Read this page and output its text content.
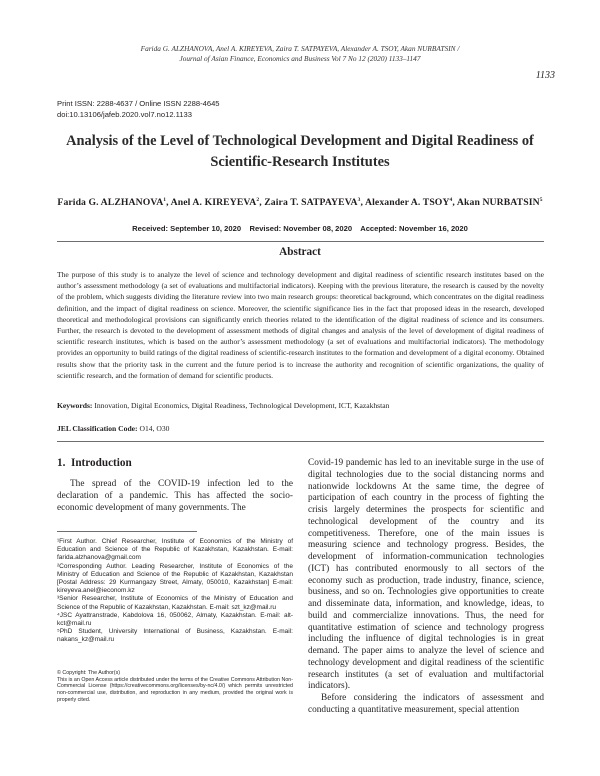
Farida G. ALZHANOVA, Anel A. KIREYEVA, Zaira T. SATPAYEVA, Alexander A. TSOY, Akan NURBATSIN /
Journal of Asian Finance, Economics and Business Vol 7 No 12 (2020) 1133–1147
1133
Print ISSN: 2288-4637 / Online ISSN 2288-4645
doi:10.13106/jafeb.2020.vol7.no12.1133
Analysis of the Level of Technological Development and Digital Readiness of Scientific-Research Institutes
Farida G. ALZHANOVA$^1$, Anel A. KIREYEVA$^2$, Zaira T. SATPAYEVA$^3$, Alexander A. TSOY$^4$, Akan NURBATSIN$^5$
Received: September 10, 2020    Revised: November 08, 2020    Accepted: November 16, 2020
Abstract
The purpose of this study is to analyze the level of science and technology development and digital readiness of scientific research institutes based on the author’s assessment methodology (a set of evaluations and multifactorial indicators). Keeping with the previous literature, the research is caused by the novelty of the problem, which suggests dividing the literature review into two main research groups: theoretical background, which concentrates on the digital readiness definition, and the impact of digital readiness on science. Moreover, the scientific significance lies in the fact that proposed ideas in the research, developed theoretical and methodological provisions can significantly enrich theories related to the identification of the digital readiness of science and its consumers. Further, the research is devoted to the development of assessment methods of digital changes and analysis of the level of development of digital readiness of scientific research institutes, which is based on the author’s assessment methodology (a set of evaluations and multifactorial indicators). The methodology provides an opportunity to build ratings of the digital readiness of scientific-research institutes to the formation and development of a digital economy. Obtained results show that the priority task in the current and the future period is to increase the authority and recognition of scientific organizations, the quality of scientific research, and the formation of demand for scientific products.
Keywords: Innovation, Digital Economics, Digital Readiness, Technological Development, ICT, Kazakhstan
JEL Classification Code: O14, O30
1.  Introduction
The spread of the COVID-19 infection led to the declaration of a pandemic. This has affected the socio-economic development of many governments. The

¹First Author. Chief Researcher, Institute of Economics of the Ministry of Education and Science of the Republic of Kazakhstan, Kazakhstan. E-mail: farida.alzhanova@gmail.com

²Corresponding Author. Leading Researcher, Institute of Economics of the Ministry of Education and Science of the Republic of Kazakhstan, Kazakhstan [Postal Address: 29 Kurmangazy Street, Almaty, 050010, Kazakhstan] E-mail: kireyeva.anel@ieconom.kz

³Senior Researcher, Institute of Economics of the Ministry of Education and Science of the Republic of Kazakhstan, Kazakhstan. E-mail: szt_kz@mail.ru

⁴JSC Ayattranstrade, Kabdolova 16, 050062, Almaty, Kazakhstan. E-mail: alt-kct@mail.ru

⁵PhD Student, University International of Business, Kazakhstan. E-mail: nakans_kz@mail.ru

© Copyright: The Author(s)

This is an Open Access article distributed under the terms of the Creative Commons Attribution Non-Commercial License (https://creativecommons.org/licenses/by-nc/4.0/) which permits unrestricted non-commercial use, distribution, and reproduction in any medium, provided the original work is properly cited.

Covid-19 pandemic has led to an inevitable surge in the use of digital technologies due to the social distancing norms and nationwide lockdowns At the same time, the degree of participation of each country in the process of fighting the crisis largely determines the prospects for scientific and technological development of the country and its competitiveness. Therefore, one of the main issues is measuring science and technology progress. Besides, the development of information-communication technologies (ICT) has contributed enormously to all sectors of the economy such as production, trade industry, finance, science, business, and so on. Technologies give opportunities to create and disseminate data, information, and knowledge, ideas, to build and commercialize innovations. Thus, the need for quantitative estimation of science and technology progress including the influence of digital technologies is in great demand. The paper aims to analyze the level of science and technology development and digital readiness of the scientific research institutes (a set of evaluation and multifactorial indicators).

Before considering the indicators of assessment and conducting a quantitative measurement, special attention
